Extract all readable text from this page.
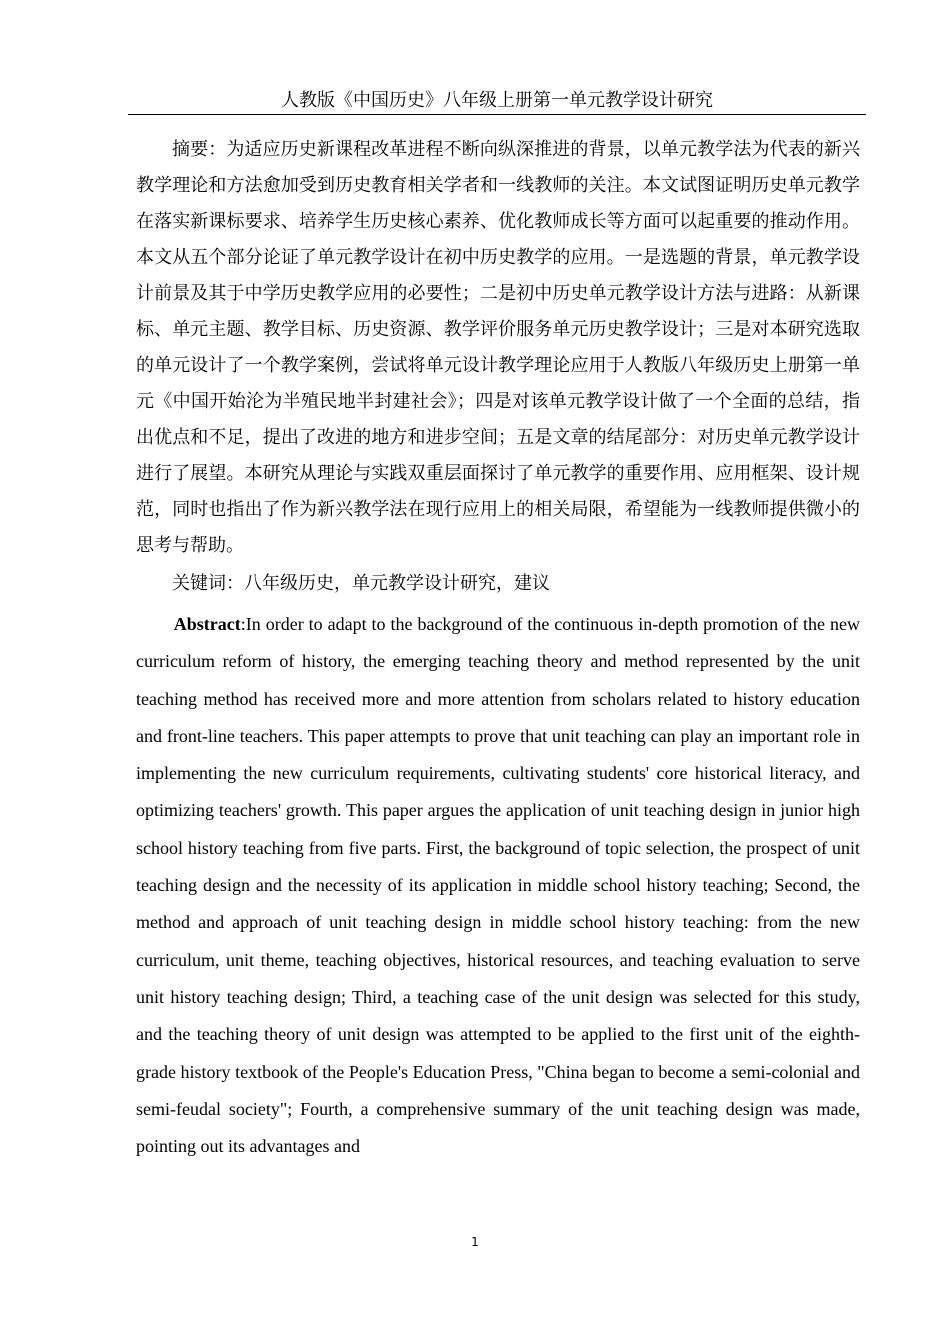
人教版《中国历史》八年级上册第一单元教学设计研究

摘要：为适应历史新课程改革进程不断向纵深推进的背景，以单元教学法为代表的新兴教学理论和方法愈加受到历史教育相关学者和一线教师的关注。本文试图证明历史单元教学在落实新课标要求、培养学生历史核心素养、优化教师成长等方面可以起重要的推动作用。本文从五个部分论证了单元教学设计在初中历史教学的应用。一是选题的背景，单元教学设计前景及其于中学历史教学应用的必要性；二是初中历史单元教学设计方法与进路：从新课标、单元主题、教学目标、历史资源、教学评价服务单元历史教学设计；三是对本研究选取的单元设计了一个教学案例，尝试将单元设计教学理论应用于人教版八年级历史上册第一单元《中国开始沦为半殖民地半封建社会》；四是对该单元教学设计做了一个全面的总结，指出优点和不足，提出了改进的地方和进步空间；五是文章的结尾部分：对历史单元教学设计进行了展望。本研究从理论与实践双重层面探讨了单元教学的重要作用、应用框架、设计规范，同时也指出了作为新兴教学法在现行应用上的相关局限，希望能为一线教师提供微小的思考与帮助。

关键词：八年级历史，单元教学设计研究，建议

Abstract:In order to adapt to the background of the continuous in-depth promotion of the new curriculum reform of history, the emerging teaching theory and method represented by the unit teaching method has received more and more attention from scholars related to history education and front-line teachers. This paper attempts to prove that unit teaching can play an important role in implementing the new curriculum requirements, cultivating students' core historical literacy, and optimizing teachers' growth. This paper argues the application of unit teaching design in junior high school history teaching from five parts. First, the background of topic selection, the prospect of unit teaching design and the necessity of its application in middle school history teaching; Second, the method and approach of unit teaching design in middle school history teaching: from the new curriculum, unit theme, teaching objectives, historical resources, and teaching evaluation to serve unit history teaching design; Third, a teaching case of the unit design was selected for this study, and the teaching theory of unit design was attempted to be applied to the first unit of the eighth-grade history textbook of the People's Education Press, "China began to become a semi-colonial and semi-feudal society"; Fourth, a comprehensive summary of the unit teaching design was made, pointing out its advantages and

1
